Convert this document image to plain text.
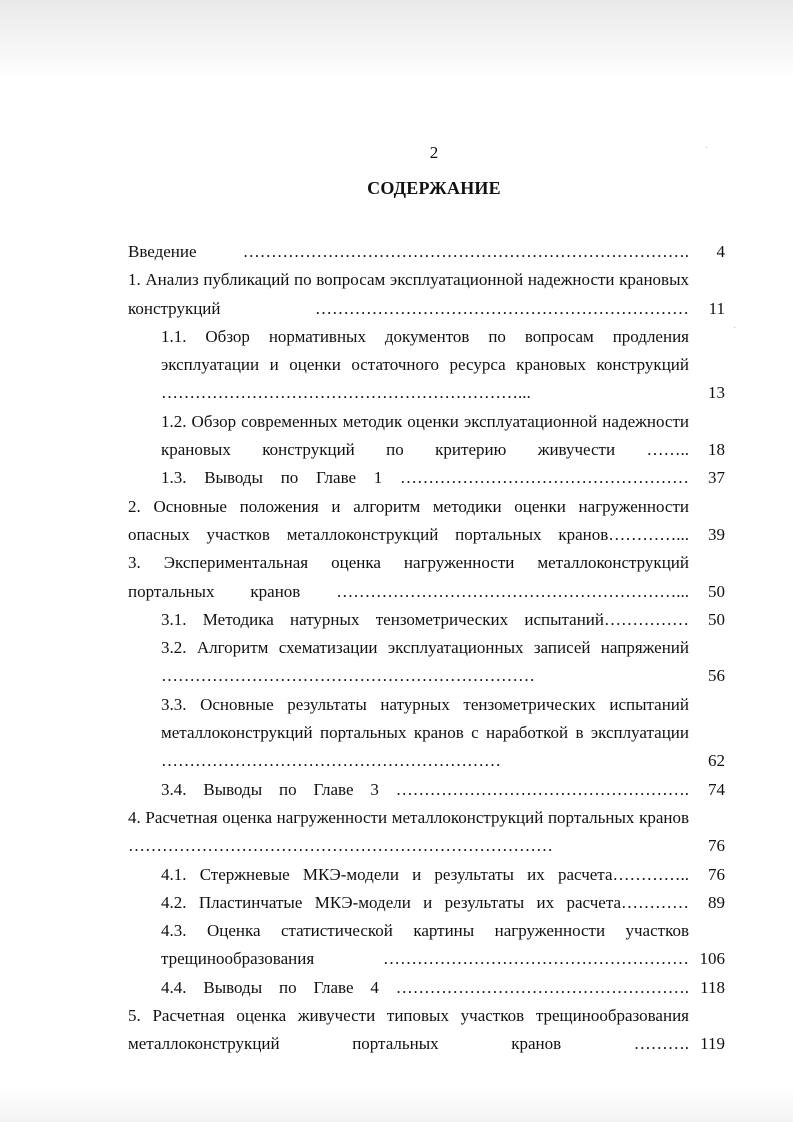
·
·
2
СОДЕРЖАНИЕ
Введение …………………………………………………………………….	4
1. Анализ публикаций по вопросам эксплуатационной надежности крановых конструкций …………………………………………………………	11
1.1. Обзор нормативных документов по вопросам продления эксплуатации и оценки остаточного ресурса крановых конструкций ………………………………………………………...	13
1.2. Обзор современных методик оценки эксплуатационной надежности крановых конструкций по критерию живучести ……..	18
1.3. Выводы по Главе 1 ……………………………………………	37
2. Основные положения и алгоритм методики оценки нагруженности опасных участков металлоконструкций портальных кранов…………...	39
3. Экспериментальная оценка нагруженности металлоконструкций портальных кранов ……………………………………………………...	50
3.1. Методика натурных тензометрических испытаний……………	50
3.2. Алгоритм схематизации эксплуатационных записей напряжений …………………………………………………………	56
3.3. Основные результаты натурных тензометрических испытаний металлоконструкций портальных кранов с наработкой в эксплуатации ……………………………………………………	62
3.4. Выводы по Главе 3 …………………………………………….	74
4. Расчетная оценка нагруженности металлоконструкций портальных кранов …………………………………………………………………	76
4.1. Стержневые МКЭ-модели и результаты их расчета…………..	76
4.2. Пластинчатые МКЭ-модели и результаты их расчета…………	89
4.3. Оценка статистической картины нагруженности участков трещинообразования ……………………………………………… 106
4.4. Выводы по Главе 4 ……………………………………………. 118
5. Расчетная оценка живучести типовых участков трещинообразования металлоконструкций портальных кранов ………. 119
